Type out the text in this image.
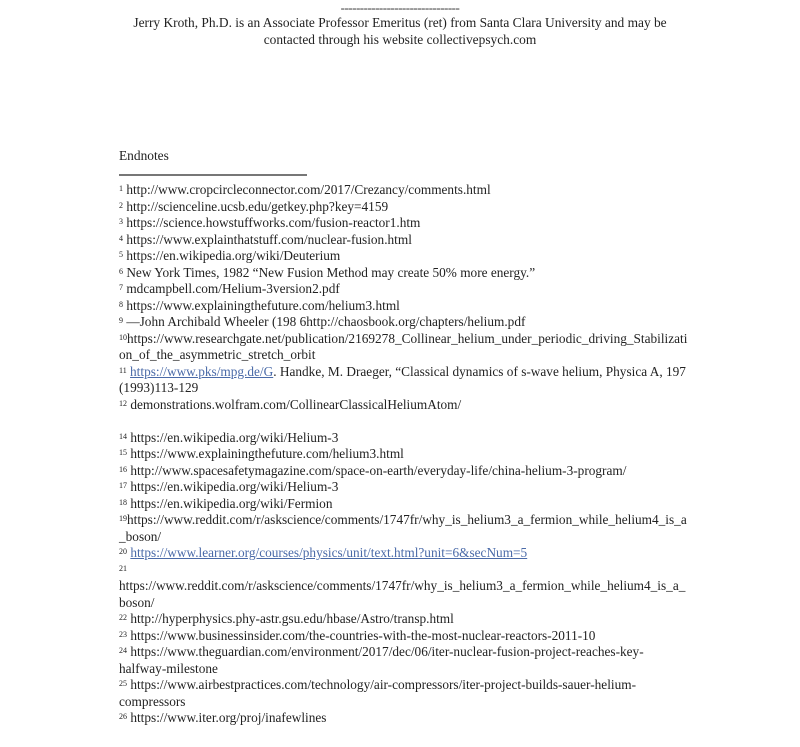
-------------------------------
Jerry Kroth, Ph.D. is an Associate Professor Emeritus (ret) from Santa Clara University and may be contacted through his website collectivepsych.com
Endnotes

$^1$ http://www.cropcircleconnector.com/2017/Crezancy/comments.html

$^2$ http://scienceline.ucsb.edu/getkey.php?key=4159

$^3$ https://science.howstuffworks.com/fusion-reactor1.htm

$^4$ https://www.explainthatstuff.com/nuclear-fusion.html

$^5$ https://en.wikipedia.org/wiki/Deuterium

$^6$ New York Times, 1982 “New Fusion Method may create 50% more energy.”

$^7$ mdcampbell.com/Helium-3version2.pdf

$^8$ https://www.explainingthefuture.com/helium3.html

$^9$ —John Archibald Wheeler (198 6http://chaosbook.org/chapters/helium.pdf

$^{10}$https://www.researchgate.net/publication/2169278_Collinear_helium_under_periodic_driving_Stabilization_of_the_asymmetric_stretch_orbit

$^{11}$ https://www.pks/mpg.de/G. Handke, M. Draeger, “Classical dynamics of s-wave helium, Physica A, 197 (1993)113-129

$^{12}$ demonstrations.wolfram.com/CollinearClassicalHeliumAtom/

$^{14}$ https://en.wikipedia.org/wiki/Helium-3

$^{15}$ https://www.explainingthefuture.com/helium3.html

$^{16}$ http://www.spacesafetymagazine.com/space-on-earth/everyday-life/china-helium-3-program/

$^{17}$ https://en.wikipedia.org/wiki/Helium-3

$^{18}$ https://en.wikipedia.org/wiki/Fermion

$^{19}$https://www.reddit.com/r/askscience/comments/1747fr/why_is_helium3_a_fermion_while_helium4_is_a_boson/

$^{20}$ https://www.learner.org/courses/physics/unit/text.html?unit=6&secNum=5

$^{21}$
https://www.reddit.com/r/askscience/comments/1747fr/why_is_helium3_a_fermion_while_helium4_is_a_boson/

$^{22}$ http://hyperphysics.phy-astr.gsu.edu/hbase/Astro/transp.html

$^{23}$ https://www.businessinsider.com/the-countries-with-the-most-nuclear-reactors-2011-10

$^{24}$ https://www.theguardian.com/environment/2017/dec/06/iter-nuclear-fusion-project-reaches-key-halfway-milestone

$^{25}$ https://www.airbestpractices.com/technology/air-compressors/iter-project-builds-sauer-helium-compressors

$^{26}$ https://www.iter.org/proj/inafewlines
